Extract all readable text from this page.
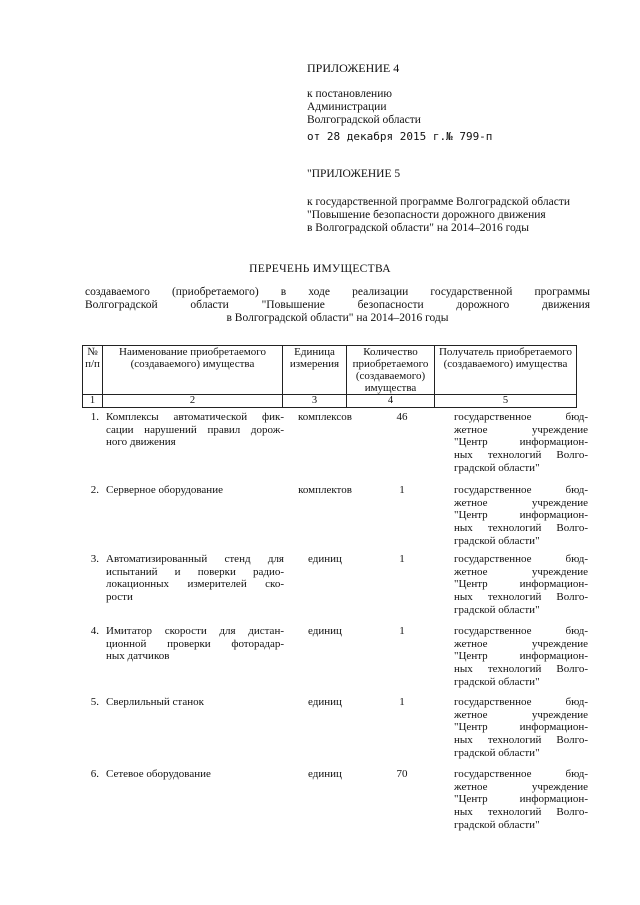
ПРИЛОЖЕНИЕ 4
к постановлению
Администрации
Волгоградской области
от 28 декабря 2015 г.№ 799-п
"ПРИЛОЖЕНИЕ 5
к государственной программе Волгоградской области
"Повышение безопасности дорожного движения
в Волгоградской области" на 2014–2016 годы
ПЕРЕЧЕНЬ ИМУЩЕСТВА
создаваемого (приобретаемого) в ходе реализации государственной программы
Волгоградской области "Повышение безопасности дорожного движения
в Волгоградской области" на 2014–2016 годы
№ п/п	Наименование приобретаемого (создаваемого) имущества	Единица измерения	Количество приобретаемого (создаваемого) имущества	Получатель приобретаемого (создаваемого) имущества
1	2	3	4	5
1. Комплексы автоматической фик-
сации нарушений правил дорож-
ного движения
комплексов	46	государственное бюд-
жетное учреждение
"Центр информацион-
ных технологий Волго-
градской области"
2. Серверное оборудование	комплектов	1	государственное бюд-
жетное учреждение
"Центр информацион-
ных технологий Волго-
градской области"
3. Автоматизированный стенд для
испытаний и поверки радио-
локационных измерителей ско-
рости
единиц	1	государственное бюд-
жетное учреждение
"Центр информацион-
ных технологий Волго-
градской области"
4. Имитатор скорости для дистан-
ционной проверки фоторадар-
ных датчиков
единиц	1	государственное бюд-
жетное учреждение
"Центр информацион-
ных технологий Волго-
градской области"
5. Сверлильный станок	единиц	1	государственное бюд-
жетное учреждение
"Центр информацион-
ных технологий Волго-
градской области"
6. Сетевое оборудование	единиц	70	государственное бюд-
жетное учреждение
"Центр информацион-
ных технологий Волго-
градской области"
